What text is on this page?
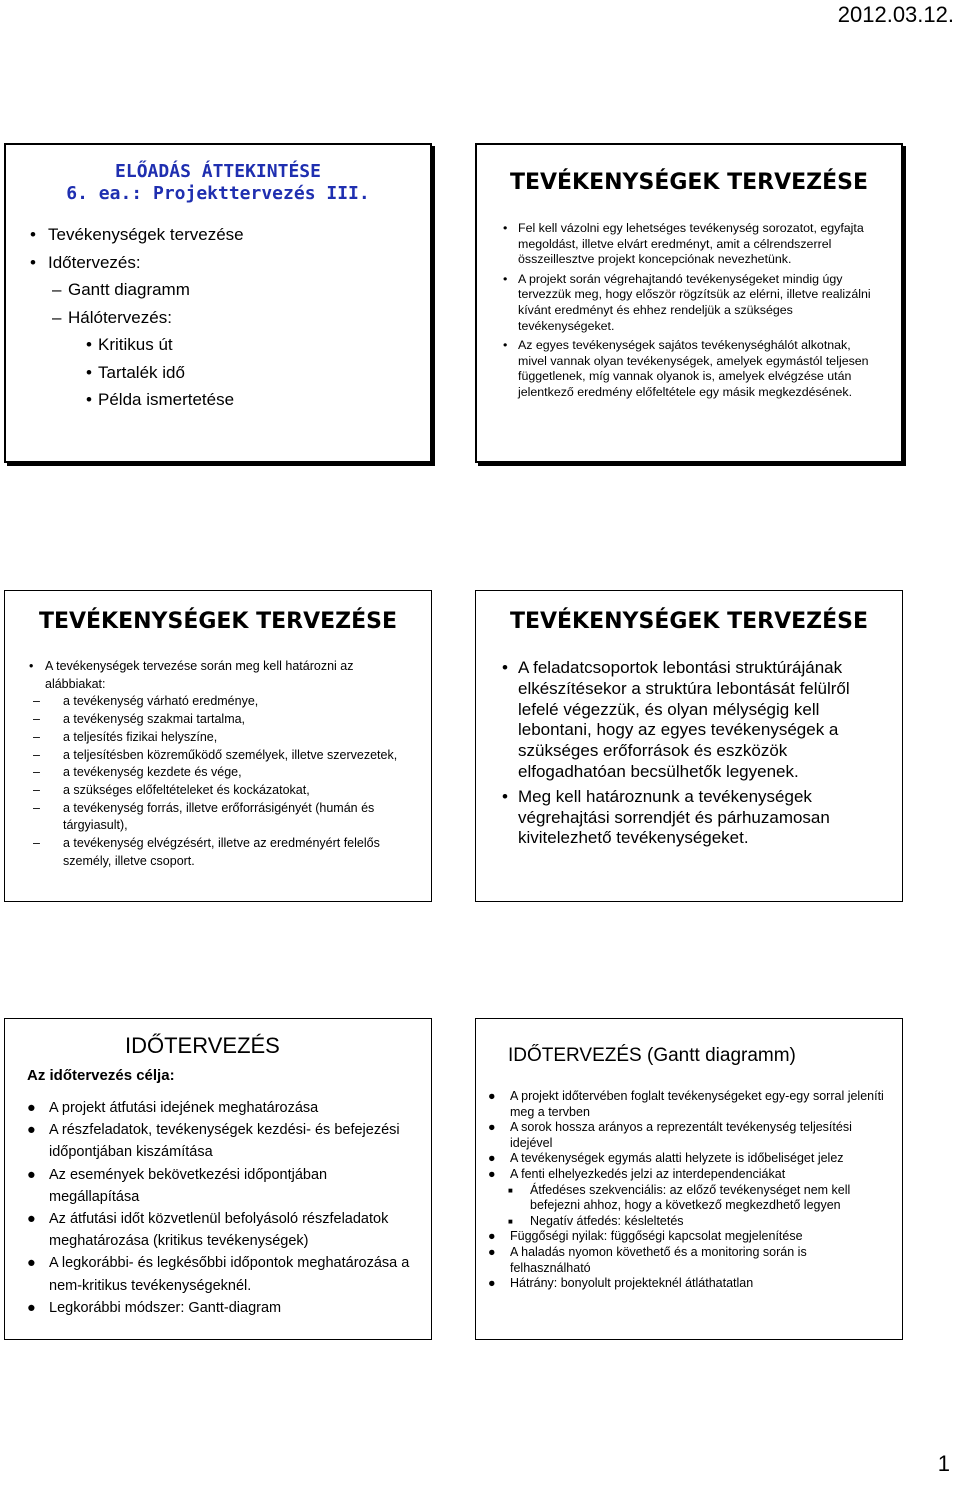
2012.03.12.
ELŐADÁS ÁTTEKINTÉSE
6. ea.: Projekttervezés III.
• Tevékenységek tervezése
• Időtervezés:
– Gantt diagramm
– Hálótervezés:
• Kritikus út
• Tartalék idő
• Példa ismertetése
TEVÉKENYSÉGEK TERVEZÉSE
• Fel kell vázolni egy lehetséges tevékenység sorozatot, egyfajta megoldást, illetve elvárt eredményt, amit a célrendszerrel összeillesztve projekt koncepciónak nevezhetünk.
• A projekt során végrehajtandó tevékenységeket mindig úgy tervezzük meg, hogy először rögzítsük az elérni, illetve realizálni kívánt eredményt és ehhez rendeljük a szükséges tevékenységeket.
• Az egyes tevékenységek sajátos tevékenységhálót alkotnak, mivel vannak olyan tevékenységek, amelyek egymástól teljesen függetlenek, míg vannak olyanok is, amelyek elvégzése után jelentkező eredmény előfeltétele egy másik megkezdésének.
TEVÉKENYSÉGEK TERVEZÉSE
• A tevékenységek tervezése során meg kell határozni az alábbiakat:
– a tevékenység várható eredménye,
– a tevékenység szakmai tartalma,
– a teljesítés fizikai helyszíne,
– a teljesítésben közreműködő személyek, illetve szervezetek,
– a tevékenység kezdete és vége,
– a szükséges előfeltételeket és kockázatokat,
– a tevékenység forrás, illetve erőforrásigényét (humán és tárgyiasult),
– a tevékenység elvégzésért, illetve az eredményért felelős személy, illetve csoport.
TEVÉKENYSÉGEK TERVEZÉSE
• A feladatcsoportok lebontási struktúrájának elkészítésekor a struktúra lebontását felülről lefelé végezzük, és olyan mélységig kell lebontani, hogy az egyes tevékenységek a szükséges erőforrások és eszközök elfogadhatóan becsülhetők legyenek.
• Meg kell határoznunk a tevékenységek végrehajtási sorrendjét és párhuzamosan kivitelezhető tevékenységeket.
IDŐTERVEZÉS
Az időtervezés célja:
● A projekt átfutási idejének meghatározása
● A részfeladatok, tevékenységek kezdési- és befejezési időpontjában kiszámítása
● Az események bekövetkezési időpontjában megállapítása
● Az átfutási időt közvetlenül befolyásoló részfeladatok meghatározása (kritikus tevékenységek)
● A legkorábbi- és legkésőbbi időpontok meghatározása a nem-kritikus tevékenységeknél.
● Legkorábbi módszer: Gantt-diagram
IDŐTERVEZÉS (Gantt diagramm)
● A projekt időtervében foglalt tevékenységeket egy-egy sorral jeleníti meg a tervben
● A sorok hossza arányos a reprezentált tevékenység teljesítési idejével
● A tevékenységek egymás alatti helyzete is időbeliséget jelez
● A fenti elhelyezkedés jelzi az interdependenciákat
■ Átfedéses szekvenciális: az előző tevékenységet nem kell befejezni ahhoz, hogy a következő megkezdhető legyen
■ Negatív átfedés: késleltetés
● Függőségi nyilak: függőségi kapcsolat megjelenítése
● A haladás nyomon követhető és a monitoring során is felhasználható
● Hátrány: bonyolult projekteknél átláthatatlan
1
